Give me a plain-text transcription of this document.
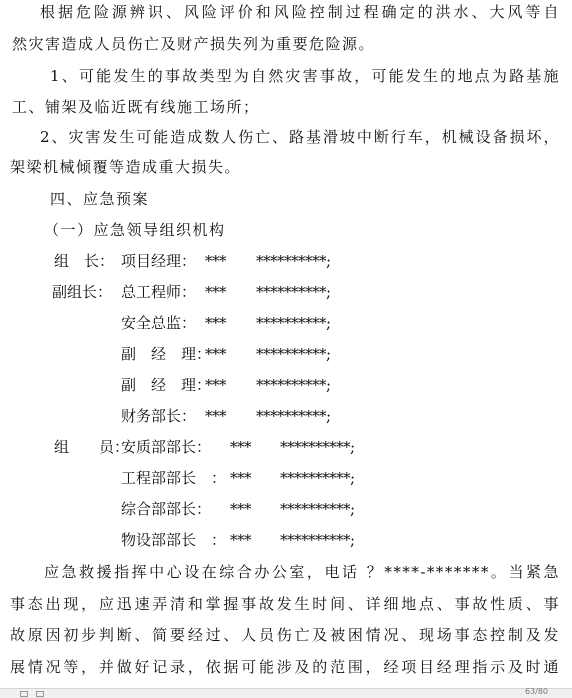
根据危险源辨识、风险评价和风险控制过程确定的洪水、大风等自
然灾害造成人员伤亡及财产损失列为重要危险源。
1、可能发生的事故类型为自然灾害事故，可能发生的地点为路基施
工、铺架及临近既有线施工场所；
2、灾害发生可能造成数人伤亡、路基滑坡中断行车，机械设备损坏，
架梁机械倾覆等造成重大损失。
四、应急预案
（一）应急领导组织机构
组　长： 项目经理： *** **********;
副组长： 总工程师： *** **********;
安全总监： *** **********;
副　经　理：
*** **********;
副　经　理：
*** **********;
财务部长： *** **********;
组　　员：
安质部部长： *** **********;
工程部部长　： *** **********;
综合部部长： *** **********;
物设部部长　： *** **********;
应急救援指挥中心设在综合办公室，电话 ？****-*******。当紧急
事态出现，应迅速弄清和掌握事故发生时间、详细地点、事故性质、事
故原因初步判断、简要经过、人员伤亡及被困情况、现场事态控制及发
展情况等，并做好记录，依据可能涉及的范围，经项目经理指示及时通
63/80
